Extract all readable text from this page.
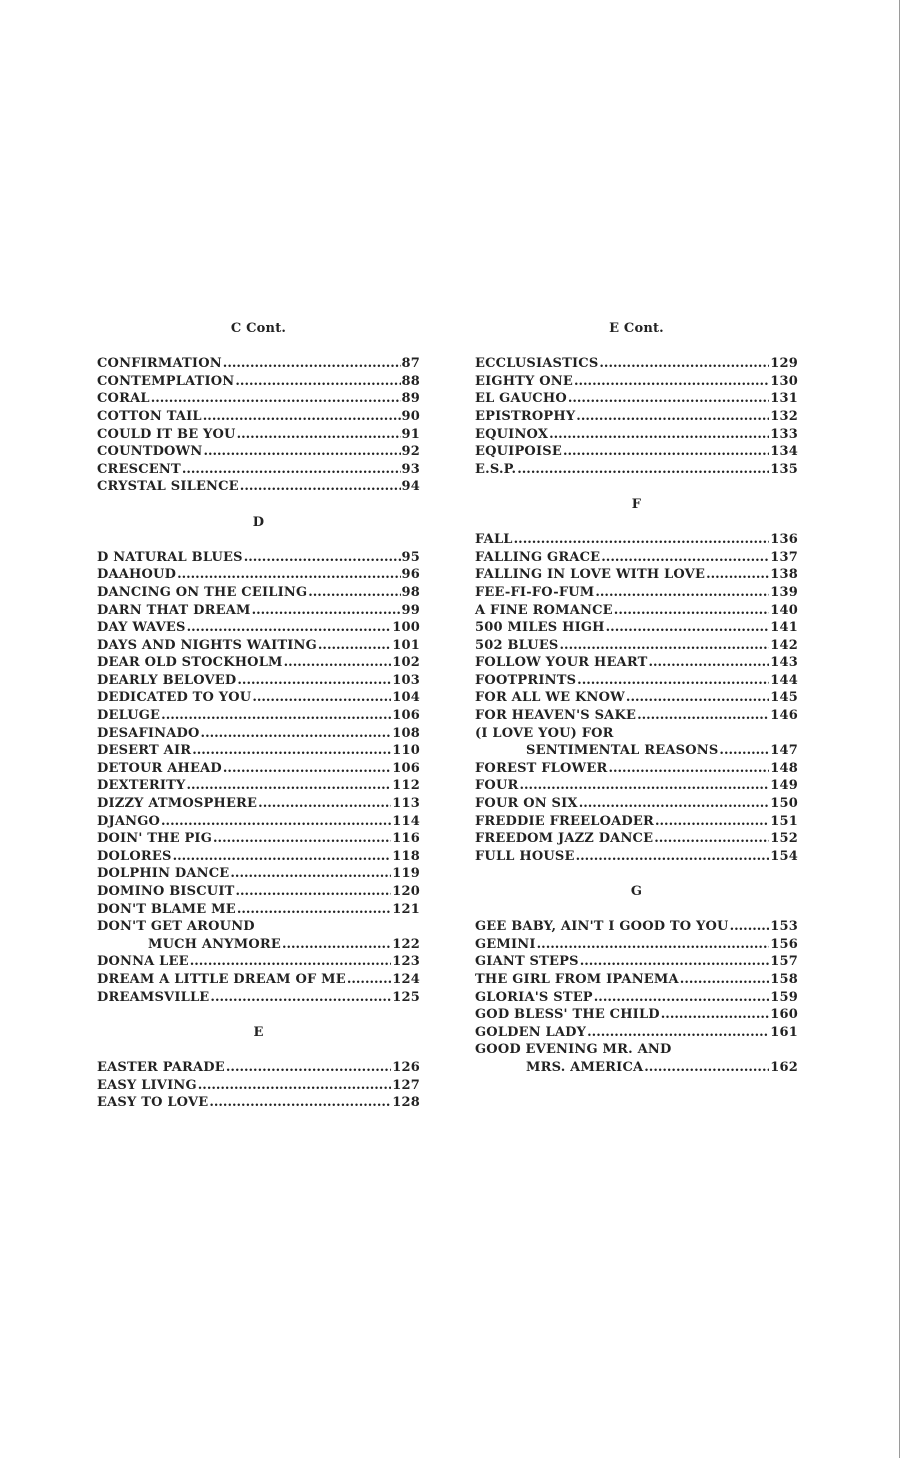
C Cont.
CONFIRMATION .....	87
CONTEMPLATION .....	88
CORAL .....	89
COTTON TAIL .....	90
COULD IT BE YOU .....	91
COUNTDOWN .....	92
CRESCENT .....	93
CRYSTAL SILENCE .....	94
D
D NATURAL BLUES .....	95
DAAHOUD .....	96
DANCING ON THE CEILING .....	98
DARN THAT DREAM .....	99
DAY WAVES .....	100
DAYS AND NIGHTS WAITING .....	101
DEAR OLD STOCKHOLM .....	102
DEARLY BELOVED .....	103
DEDICATED TO YOU .....	104
DELUGE .....	106
DESAFINADO .....	108
DESERT AIR .....	110
DETOUR AHEAD .....	106
DEXTERITY .....	112
DIZZY ATMOSPHERE .....	113
DJANGO .....	114
DOIN' THE PIG .....	116
DOLORES .....	118
DOLPHIN DANCE .....	119
DOMINO BISCUIT .....	120
DON'T BLAME ME .....	121
DON'T GET AROUND
MUCH ANYMORE .....	122
DONNA LEE .....	123
DREAM A LITTLE DREAM OF ME .....	124
DREAMSVILLE .....	125
E
EASTER PARADE .....	126
EASY LIVING .....	127
EASY TO LOVE .....	128
E Cont.
ECCLUSIASTICS .....	129
EIGHTY ONE .....	130
EL GAUCHO .....	131
EPISTROPHY .....	132
EQUINOX .....	133
EQUIPOISE .....	134
E.S.P. .....	135
F
FALL .....	136
FALLING GRACE .....	137
FALLING IN LOVE WITH LOVE .....	138
FEE-FI-FO-FUM .....	139
A FINE ROMANCE .....	140
500 MILES HIGH .....	141
502 BLUES .....	142
FOLLOW YOUR HEART .....	143
FOOTPRINTS .....	144
FOR ALL WE KNOW .....	145
FOR HEAVEN'S SAKE .....	146
(I LOVE YOU) FOR
SENTIMENTAL REASONS .....	147
FOREST FLOWER .....	148
FOUR .....	149
FOUR ON SIX .....	150
FREDDIE FREELOADER .....	151
FREEDOM JAZZ DANCE .....	152
FULL HOUSE .....	154
G
GEE BABY, AIN'T I GOOD TO YOU .....	153
GEMINI .....	156
GIANT STEPS .....	157
THE GIRL FROM IPANEMA .....	158
GLORIA'S STEP .....	159
GOD BLESS' THE CHILD .....	160
GOLDEN LADY .....	161
GOOD EVENING MR. AND
MRS. AMERICA .....	162
